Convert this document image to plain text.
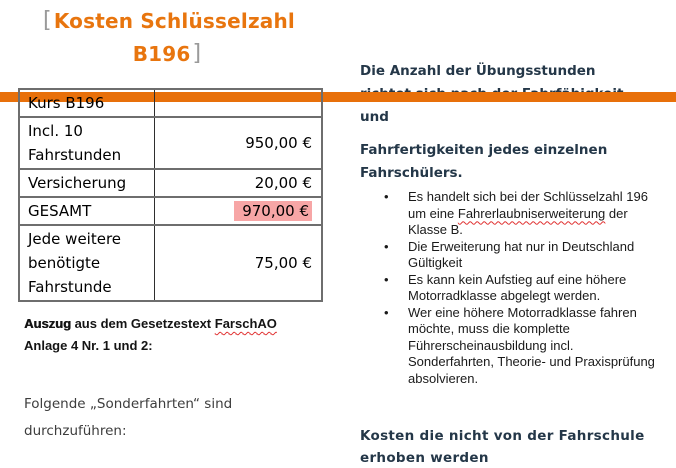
[ Kosten Schlüsselzahl
B196]
Die Anzahl der Übungsstunden
und
Fahrfertigkeiten jedes einzelnen
Fahrschülers.
Kurs B196	
Incl. 10 Fahrstunden	950,00 €
Versicherung	20,00 €
GESAMT	970,00 €
Jede weitere benötigte Fahrstunde	75,00 €
Auszug aus dem Gesetzestext FarschAO
Anlage 4 Nr. 1 und 2:
Folgende „Sonderfahrten“ sind durchzuführen:
• Es handelt sich bei der Schlüsselzahl 196 um eine Fahrerlaubniserweiterung der Klasse B.
• Die Erweiterung hat nur in Deutschland Gültigkeit
• Es kann kein Aufstieg auf eine höhere Motorradklasse abgelegt werden.
• Wer eine höhere Motorradklasse fahren möchte, muss die komplette Führerscheinausbildung incl. Sonderfahrten, Theorie- und Praxisprüfung absolvieren.
Kosten die nicht von der Fahrschule erhoben werden
